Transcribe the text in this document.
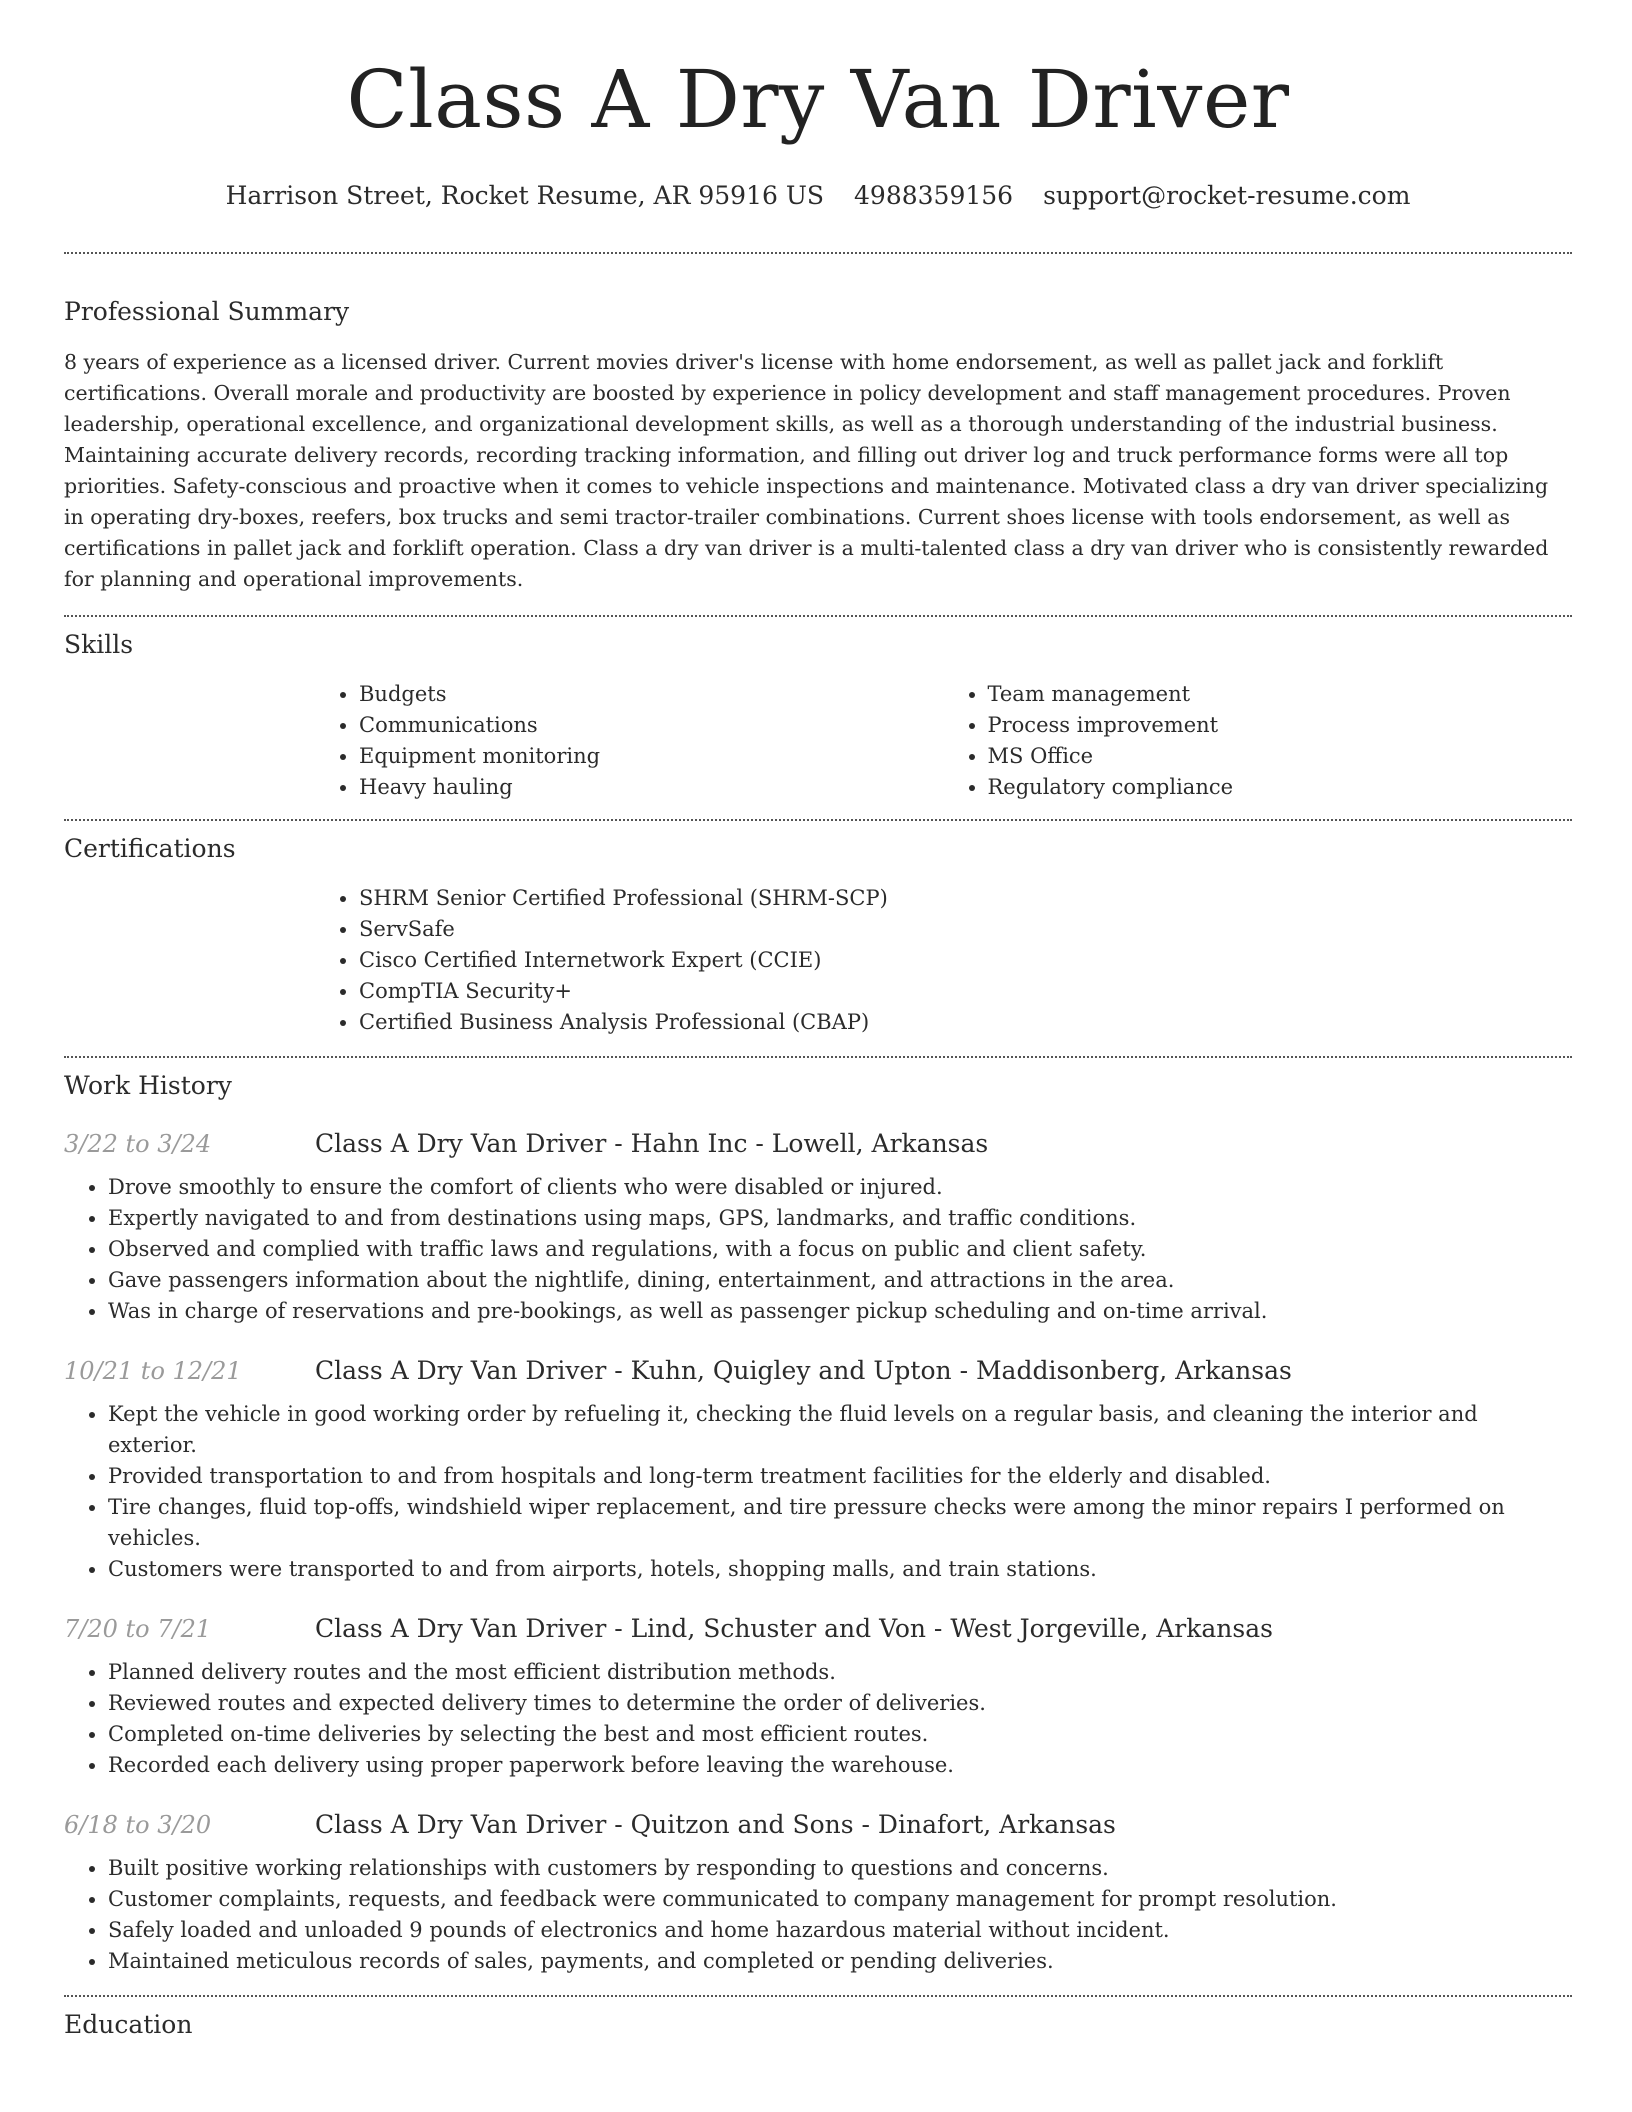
Class A Dry Van Driver
Harrison Street, Rocket Resume, AR 95916 US 4988359156 support@rocket-resume.com
Professional Summary

8 years of experience as a licensed driver. Current movies driver's license with home endorsement, as well as pallet jack and forklift certifications. Overall morale and productivity are boosted by experience in policy development and staff management procedures. Proven leadership, operational excellence, and organizational development skills, as well as a thorough understanding of the industrial business. Maintaining accurate delivery records, recording tracking information, and filling out driver log and truck performance forms were all top priorities. Safety-conscious and proactive when it comes to vehicle inspections and maintenance. Motivated class a dry van driver specializing in operating dry-boxes, reefers, box trucks and semi tractor-trailer combinations. Current shoes license with tools endorsement, as well as certifications in pallet jack and forklift operation. Class a dry van driver is a multi-talented class a dry van driver who is consistently rewarded for planning and operational improvements.

Skills
• Budgets
• Communications
• Equipment monitoring
• Heavy hauling
• Team management
• Process improvement
• MS Office
• Regulatory compliance
Certifications
• SHRM Senior Certified Professional (SHRM-SCP)
• ServSafe
• Cisco Certified Internetwork Expert (CCIE)
• CompTIA Security+
• Certified Business Analysis Professional (CBAP)
Work History
3/22 to 3/24	Class A Dry Van Driver - Hahn Inc - Lowell, Arkansas
• Drove smoothly to ensure the comfort of clients who were disabled or injured.
• Expertly navigated to and from destinations using maps, GPS, landmarks, and traffic conditions.
• Observed and complied with traffic laws and regulations, with a focus on public and client safety.
• Gave passengers information about the nightlife, dining, entertainment, and attractions in the area.
• Was in charge of reservations and pre-bookings, as well as passenger pickup scheduling and on-time arrival.
10/21 to 12/21	Class A Dry Van Driver - Kuhn, Quigley and Upton - Maddisonberg, Arkansas
• Kept the vehicle in good working order by refueling it, checking the fluid levels on a regular basis, and cleaning the interior and exterior.
• Provided transportation to and from hospitals and long-term treatment facilities for the elderly and disabled.
• Tire changes, fluid top-offs, windshield wiper replacement, and tire pressure checks were among the minor repairs I performed on vehicles.
• Customers were transported to and from airports, hotels, shopping malls, and train stations.
7/20 to 7/21	Class A Dry Van Driver - Lind, Schuster and Von - West Jorgeville, Arkansas
• Planned delivery routes and the most efficient distribution methods.
• Reviewed routes and expected delivery times to determine the order of deliveries.
• Completed on-time deliveries by selecting the best and most efficient routes.
• Recorded each delivery using proper paperwork before leaving the warehouse.
6/18 to 3/20	Class A Dry Van Driver - Quitzon and Sons - Dinafort, Arkansas
• Built positive working relationships with customers by responding to questions and concerns.
• Customer complaints, requests, and feedback were communicated to company management for prompt resolution.
• Safely loaded and unloaded 9 pounds of electronics and home hazardous material without incident.
• Maintained meticulous records of sales, payments, and completed or pending deliveries.
Education
